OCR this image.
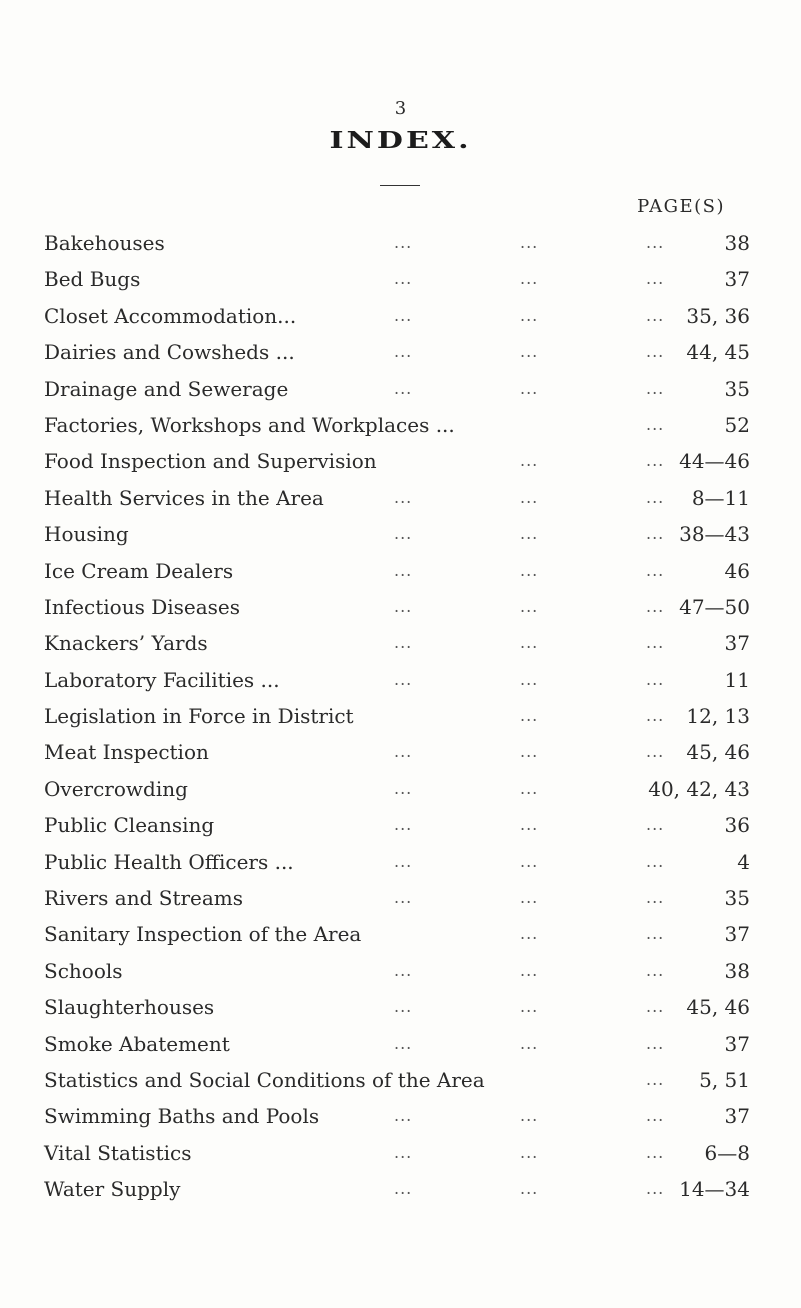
3
INDEX.
PAGE(S)
Bakehouses	...	...	...	38
Bed Bugs	...	...	...	37
Closet Accommodation...	...	...	... 35, 36
Dairies and Cowsheds ...	...	...	... 44, 45
Drainage and Sewerage	...	...	...	35
Factories, Workshops and Workplaces ...	...	52
Food Inspection and Supervision	...	... 44—46
Health Services in the Area	...	...	... 8—11
Housing	...	...	... 38—43
Ice Cream Dealers	...	...	...	46
Infectious Diseases	...	...	... 47—50
Knackers’ Yards	...	...	...	37
Laboratory Facilities ...	...	...	...	11
Legislation in Force in District	...	... 12, 13
Meat Inspection	...	...	... 45, 46
Overcrowding	...	...	40, 42, 43
Public Cleansing	...	...	...	36
Public Health Officers ...	...	...	...	4
Rivers and Streams	...	...	...	35
Sanitary Inspection of the Area	...	...	37
Schools	...	...	...	38
Slaughterhouses	...	...	... 45, 46
Smoke Abatement	...	...	...	37
Statistics and Social Conditions of the Area	... 5, 51
Swimming Baths and Pools	...	...	...	37
Vital Statistics	...	...	... 6—8
Water Supply	...	...	... 14—34
